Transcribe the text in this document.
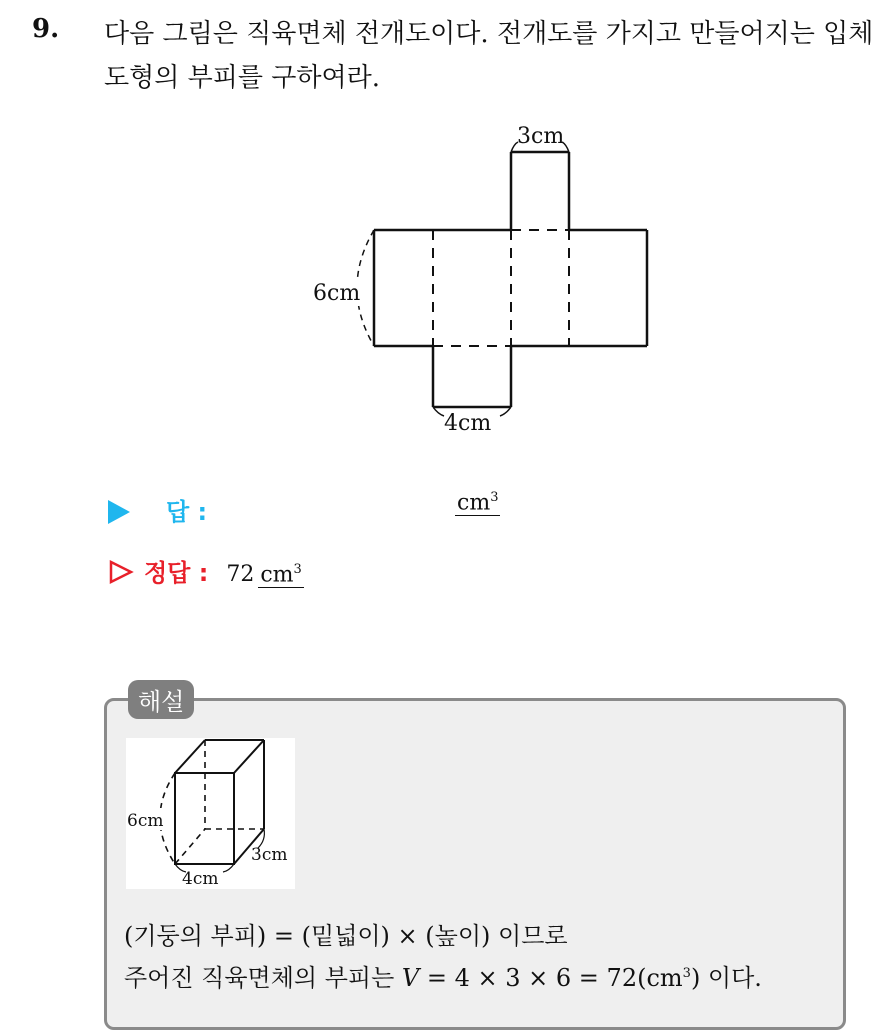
9. 다음 그림은 직육면체 전개도이다. 전개도를 가지고 만들어지는 입체 도형의 부피를 구하여라.
3cm
6cm
4cm
답 :	$cm^3$
정답 : 72 $cm^3$
해설
6cm
3cm
4cm
(기둥의 부피) = (밑넓이) × (높이) 이므로
주어진 직육면체의 부피는 $V = 4 \times 3 \times 6 = 72(cm^3)$ 이다.
